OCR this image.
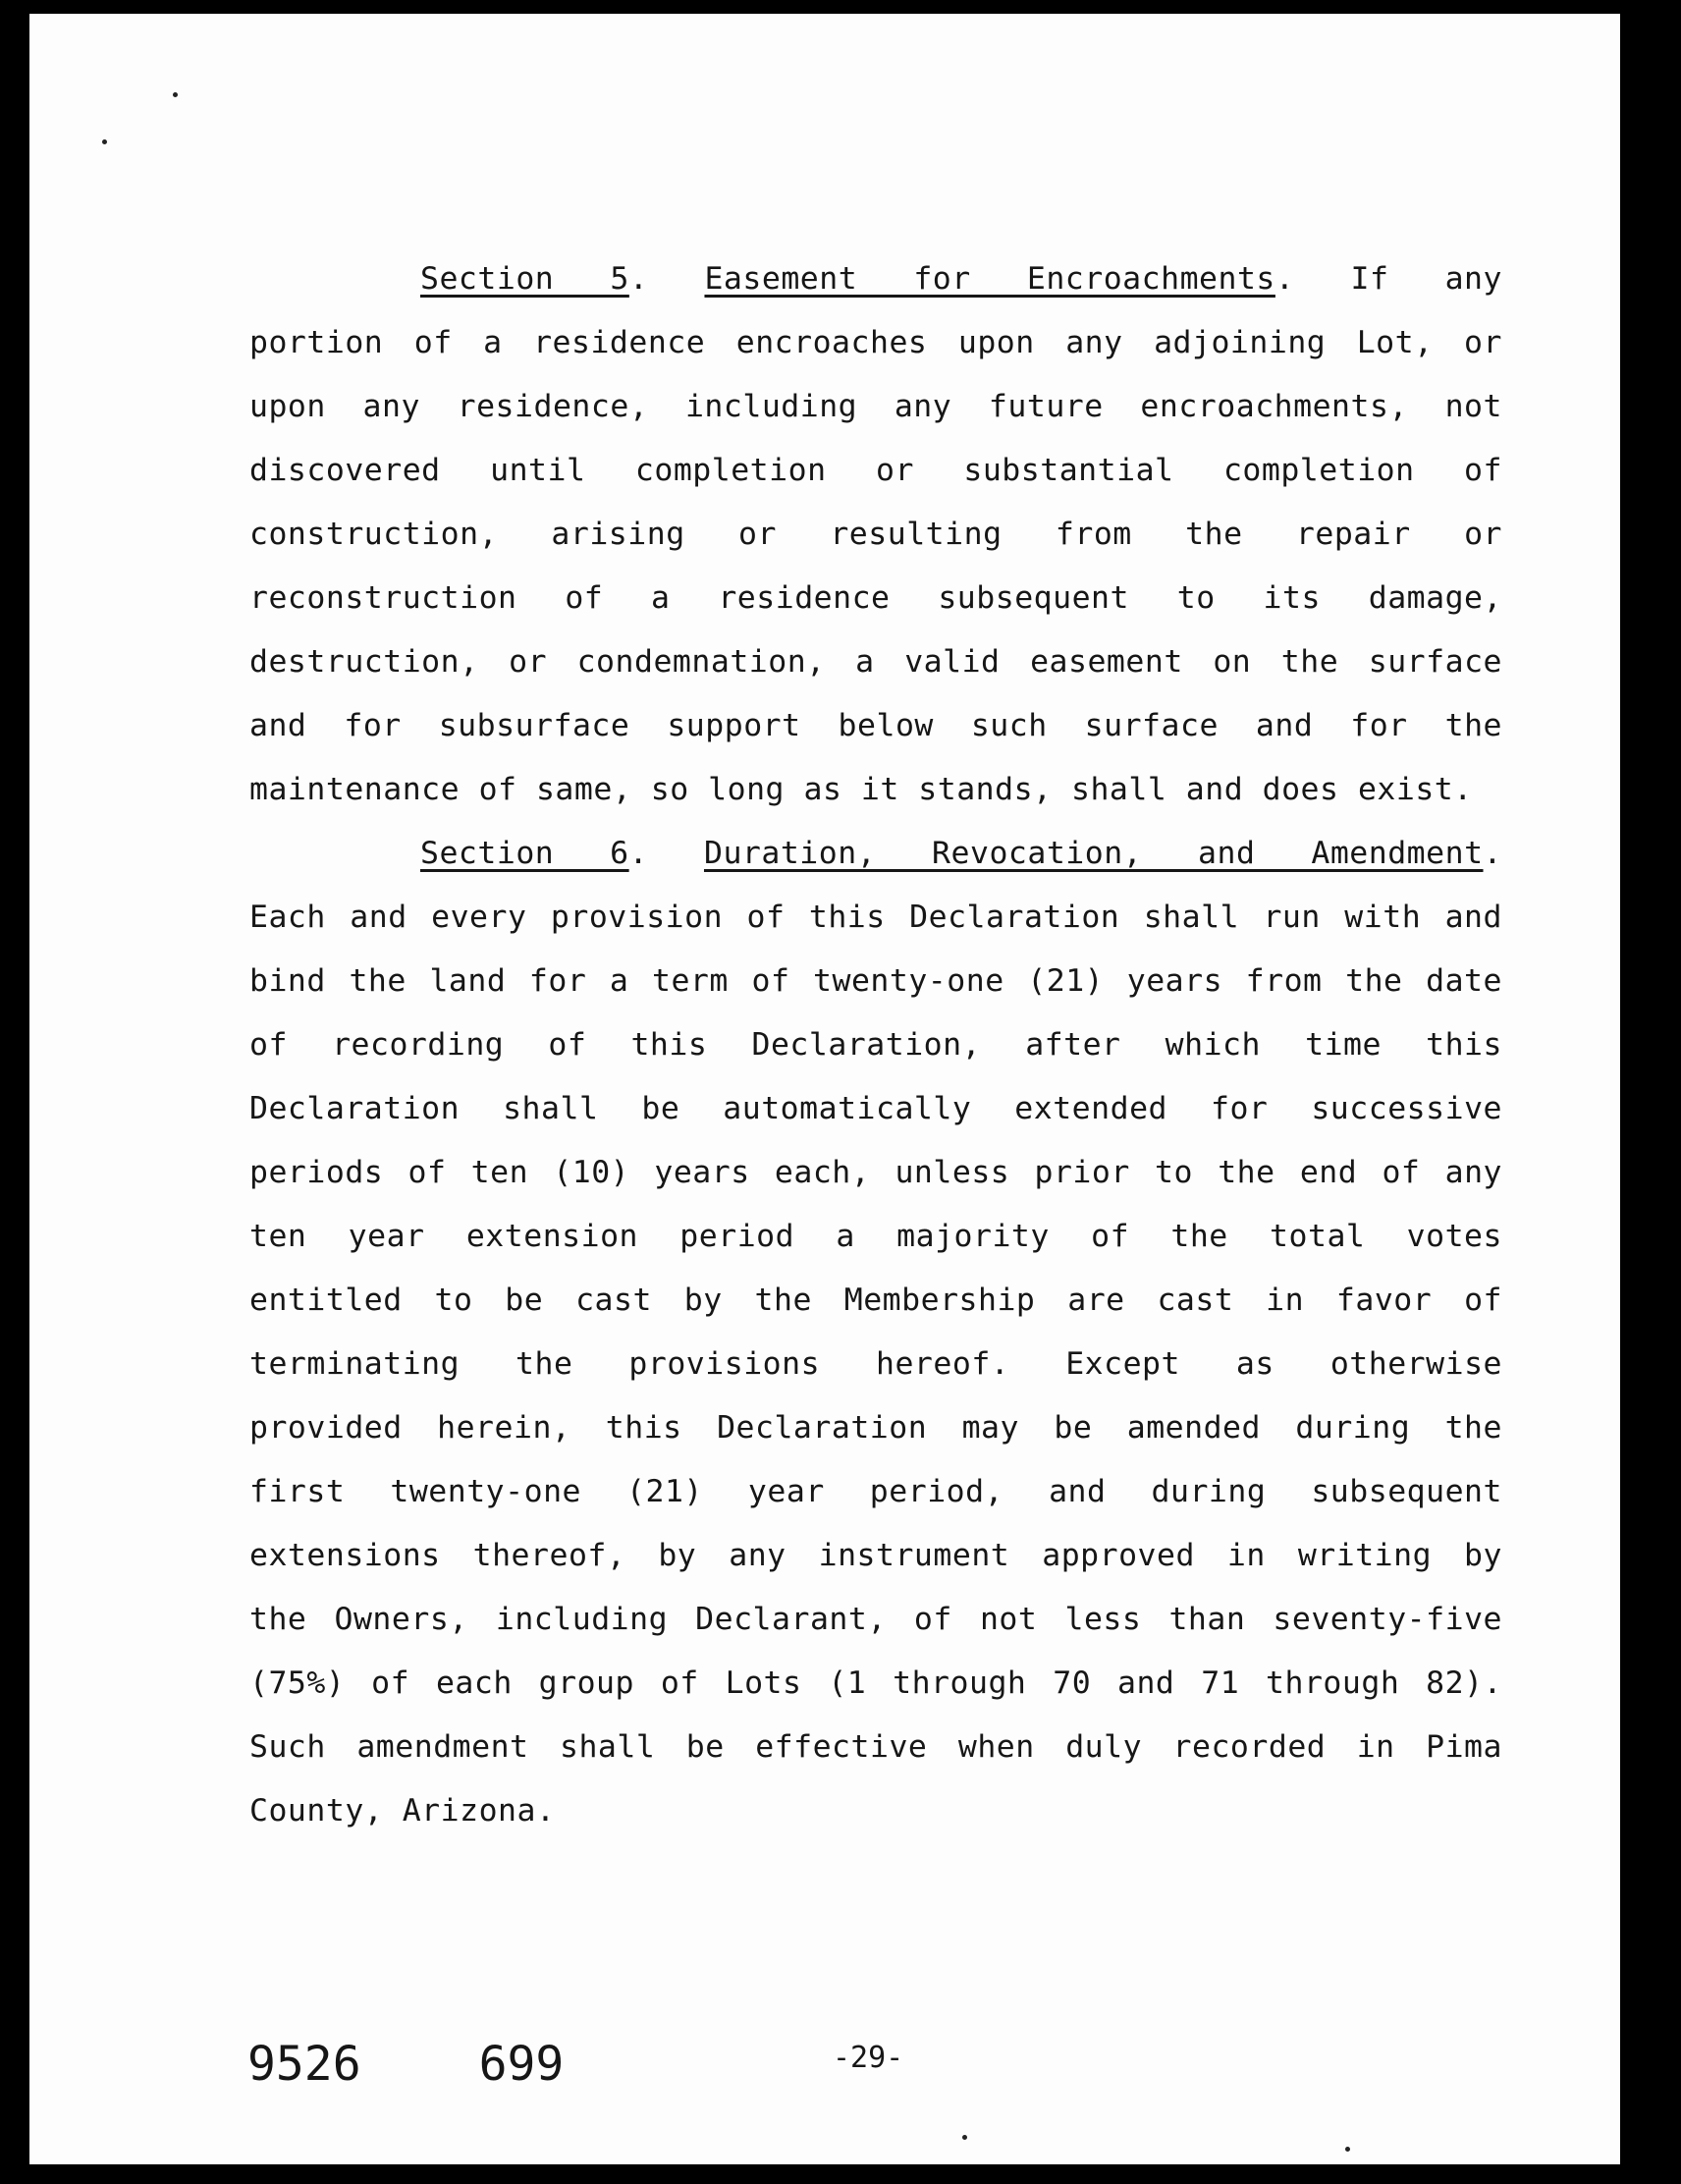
Section 5. Easement for Encroachments. If any
portion of a residence encroaches upon any adjoining Lot, or
upon any residence, including any future encroachments, not
discovered until completion or substantial completion of
construction, arising or resulting from the repair or
reconstruction of a residence subsequent to its damage,
destruction, or condemnation, a valid easement on the surface
and for subsurface support below such surface and for the
maintenance of same, so long as it stands, shall and does exist.
Section 6. Duration, Revocation, and Amendment.
Each and every provision of this Declaration shall run with and
bind the land for a term of twenty-one (21) years from the date
of recording of this Declaration, after which time this
Declaration shall be automatically extended for successive
periods of ten (10) years each, unless prior to the end of any
ten year extension period a majority of the total votes
entitled to be cast by the Membership are cast in favor of
terminating the provisions hereof. Except as otherwise
provided herein, this Declaration may be amended during the
first twenty-one (21) year period, and during subsequent
extensions thereof, by any instrument approved in writing by
the Owners, including Declarant, of not less than seventy-five
(75%) of each group of Lots (1 through 70 and 71 through 82).
Such amendment shall be effective when duly recorded in Pima
County, Arizona.
9526	699	-29-
